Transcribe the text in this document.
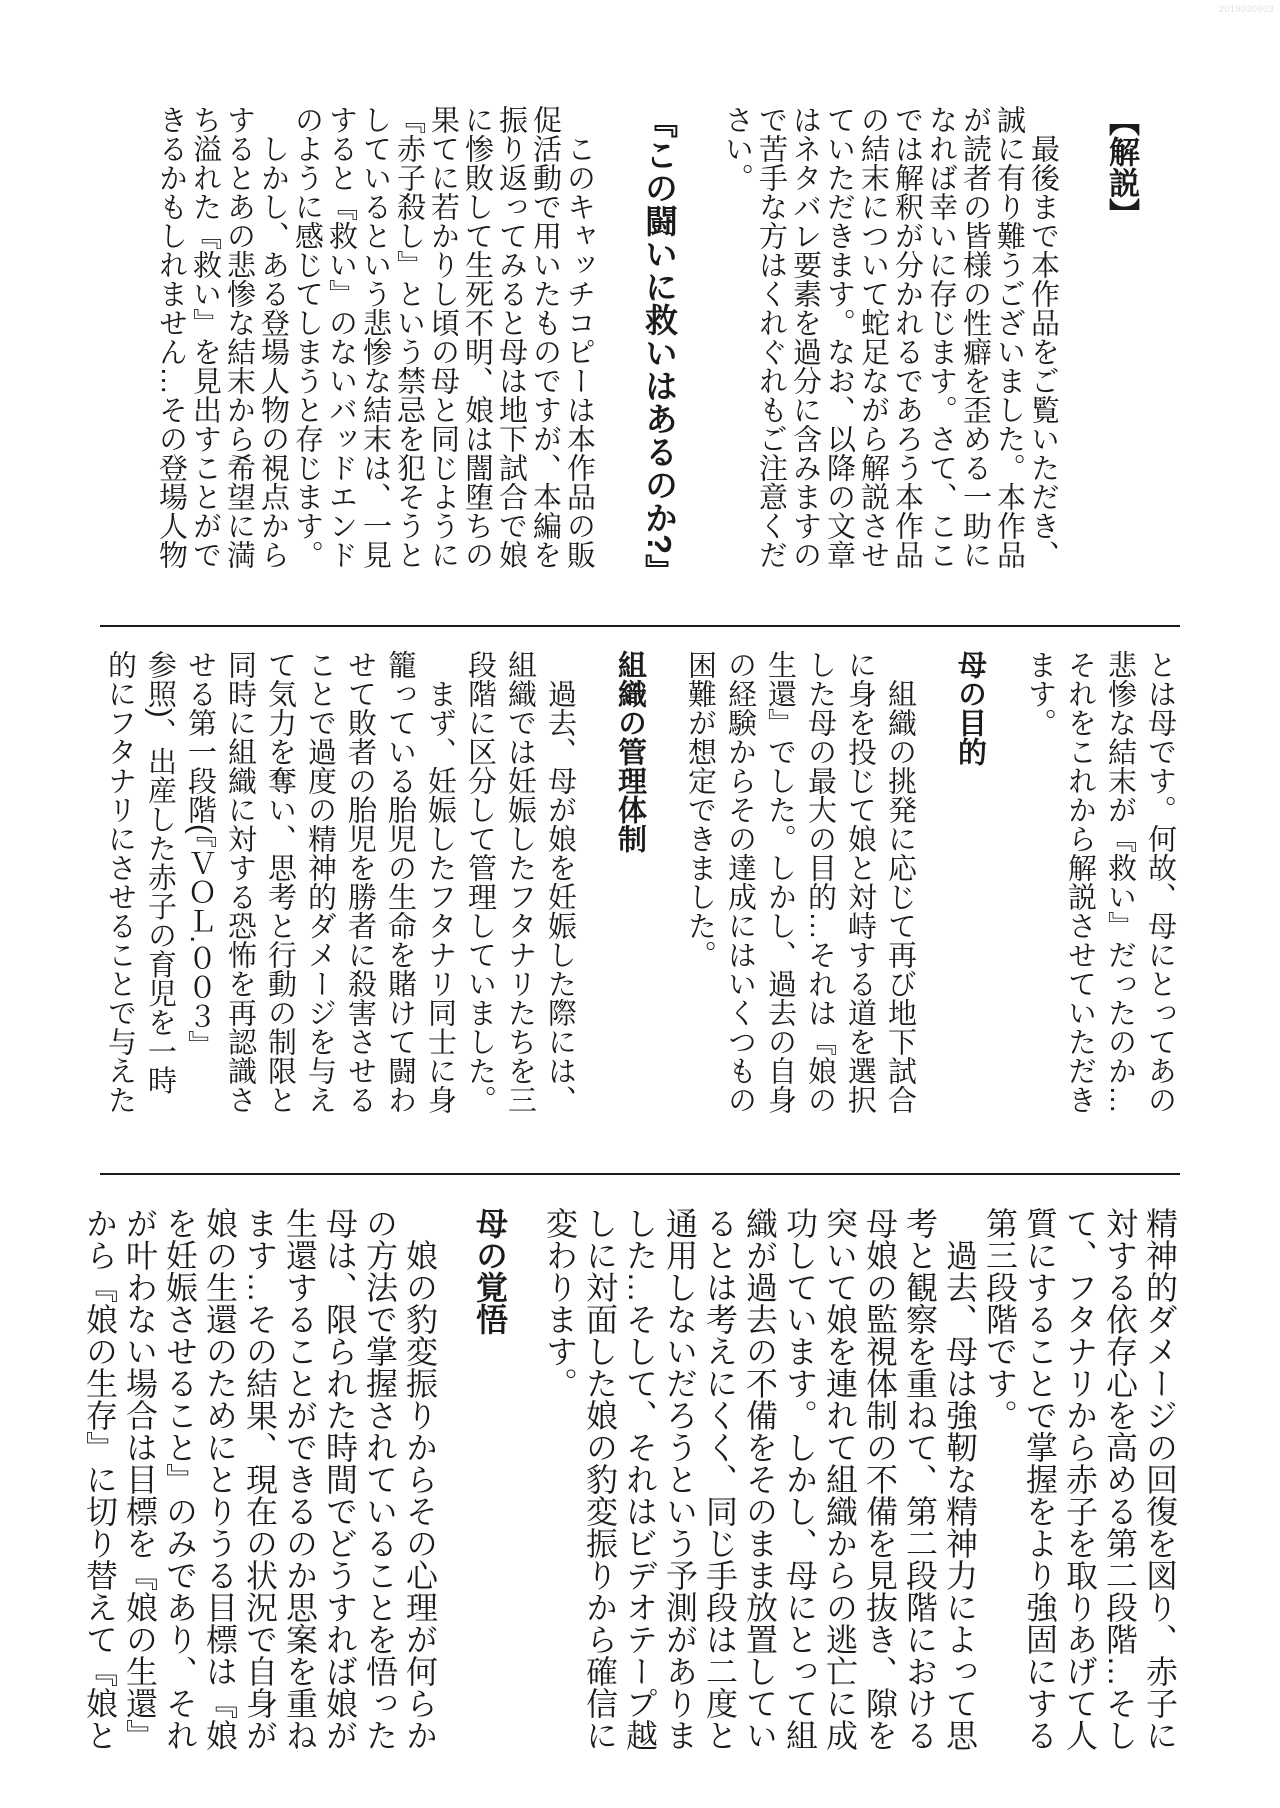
2019030903
【解説】
　最後まで本作品をご覧いただき、
誠に有り難うございました。本作品
が読者の皆様の性癖を歪める一助に
なれば幸いに存じます。さて、ここ
では解釈が分かれるであろう本作品
の結末について蛇足ながら解説させ
ていただきます。なお、以降の文章
はネタバレ要素を過分に含みますの
で苦手な方はくれぐれもご注意くだ
さい。
『この闘いに救いはあるのか?』
　このキャッチコピーは本作品の販
促活動で用いたものですが、本編を
振り返ってみると母は地下試合で娘
に惨敗して生死不明、娘は闇堕ちの
果てに若かりし頃の母と同じように
『赤子殺し』という禁忌を犯そうと
しているという悲惨な結末は、一見
すると『救い』のないバッドエンド
のように感じてしまうと存じます。
　しかし、ある登場人物の視点から
するとあの悲惨な結末から希望に満
ち溢れた『救い』を見出すことがで
きるかもしれません…その登場人物
とは母です。何故、母にとってあの
悲惨な結末が『救い』だったのか…
それをこれから解説させていただき
ます。
母の目的
　組織の挑発に応じて再び地下試合
に身を投じて娘と対峙する道を選択
した母の最大の目的…それは『娘の
生還』でした。しかし、過去の自身
の経験からその達成にはいくつもの
困難が想定できました。
組織の管理体制
　過去、母が娘を妊娠した際には、
組織では妊娠したフタナリたちを三
段階に区分して管理していました。
　まず、妊娠したフタナリ同士に身
籠っている胎児の生命を賭けて闘わ
せて敗者の胎児を勝者に殺害させる
ことで過度の精神的ダメージを与え
て気力を奪い、思考と行動の制限と
同時に組織に対する恐怖を再認識さ
せる第一段階(『ＶＯＬ.００３』
参照)、出産した赤子の育児を一時
的にフタナリにさせることで与えた
精神的ダメージの回復を図り、赤子に
対する依存心を高める第二段階…そし
て、フタナリから赤子を取りあげて人
質にすることで掌握をより強固にする
第三段階です。
　過去、母は強靭な精神力によって思
考と観察を重ねて、第二段階における
母娘の監視体制の不備を見抜き、隙を
突いて娘を連れて組織からの逃亡に成
功しています。しかし、母にとって組
織が過去の不備をそのまま放置してい
るとは考えにくく、同じ手段は二度と
通用しないだろうという予測がありま
した…そして、それはビデオテープ越
しに対面した娘の豹変振りから確信に
変わります。
母の覚悟
　娘の豹変振りからその心理が何らか
の方法で掌握されていることを悟った
母は、限られた時間でどうすれば娘が
生還することができるのか思案を重ね
ます…その結果、現在の状況で自身が
娘の生還のためにとりうる目標は『娘
を妊娠させること』のみであり、それ
が叶わない場合は目標を『娘の生還』
から『娘の生存』に切り替えて『娘と
